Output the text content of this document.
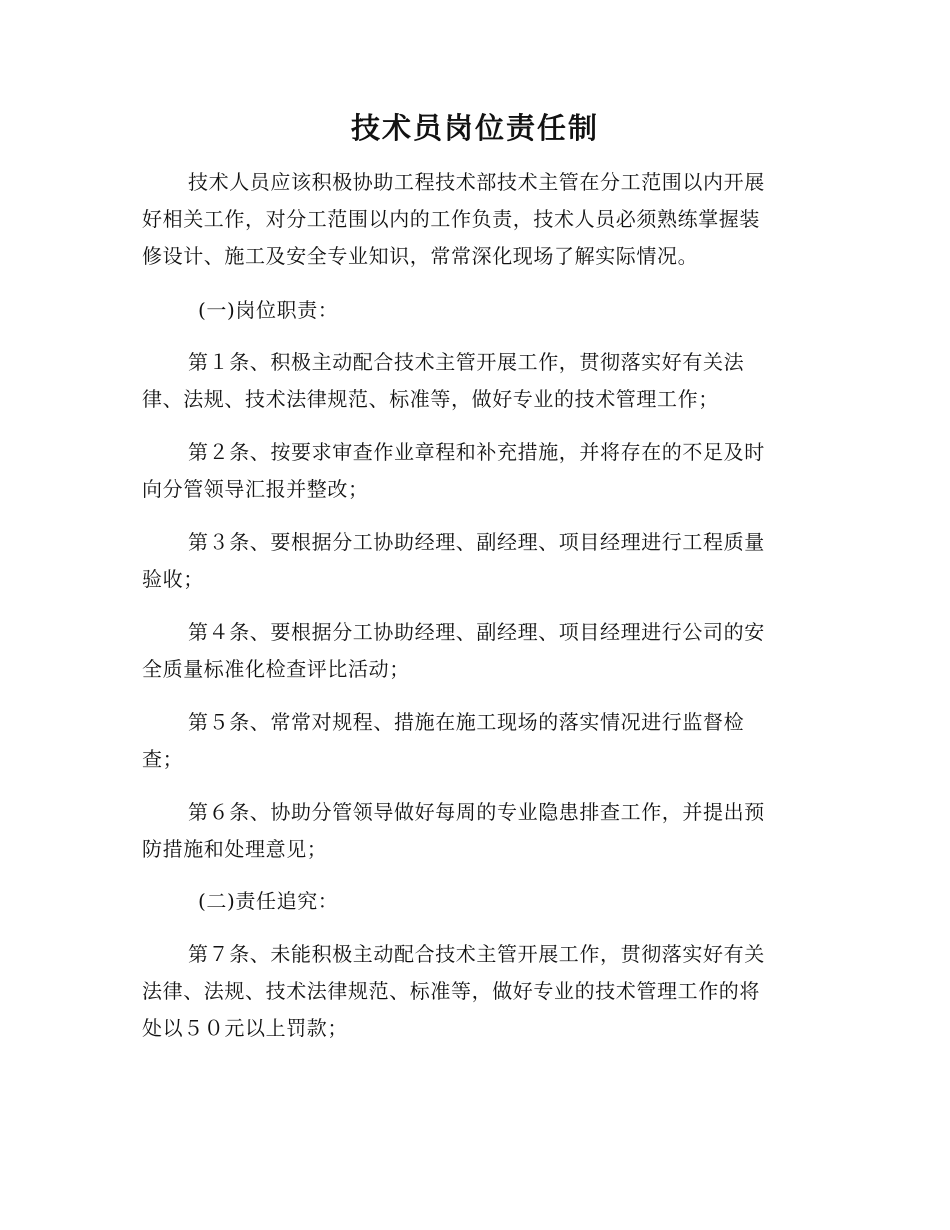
技术员岗位责任制
技术人员应该积极协助工程技术部技术主管在分工范围以内开展
好相关工作，对分工范围以内的工作负责，技术人员必须熟练掌握装
修设计、施工及安全专业知识，常常深化现场了解实际情况。
(一)岗位职责：
第１条、积极主动配合技术主管开展工作，贯彻落实好有关法
律、法规、技术法律规范、标准等，做好专业的技术管理工作；
第２条、按要求审查作业章程和补充措施，并将存在的不足及时
向分管领导汇报并整改；
第３条、要根据分工协助经理、副经理、项目经理进行工程质量
验收；
第４条、要根据分工协助经理、副经理、项目经理进行公司的安
全质量标准化检查评比活动；
第５条、常常对规程、措施在施工现场的落实情况进行监督检
查；
第６条、协助分管领导做好每周的专业隐患排查工作，并提出预
防措施和处理意见；
(二)责任追究：
第７条、未能积极主动配合技术主管开展工作，贯彻落实好有关
法律、法规、技术法律规范、标准等，做好专业的技术管理工作的将
处以５０元以上罚款；
